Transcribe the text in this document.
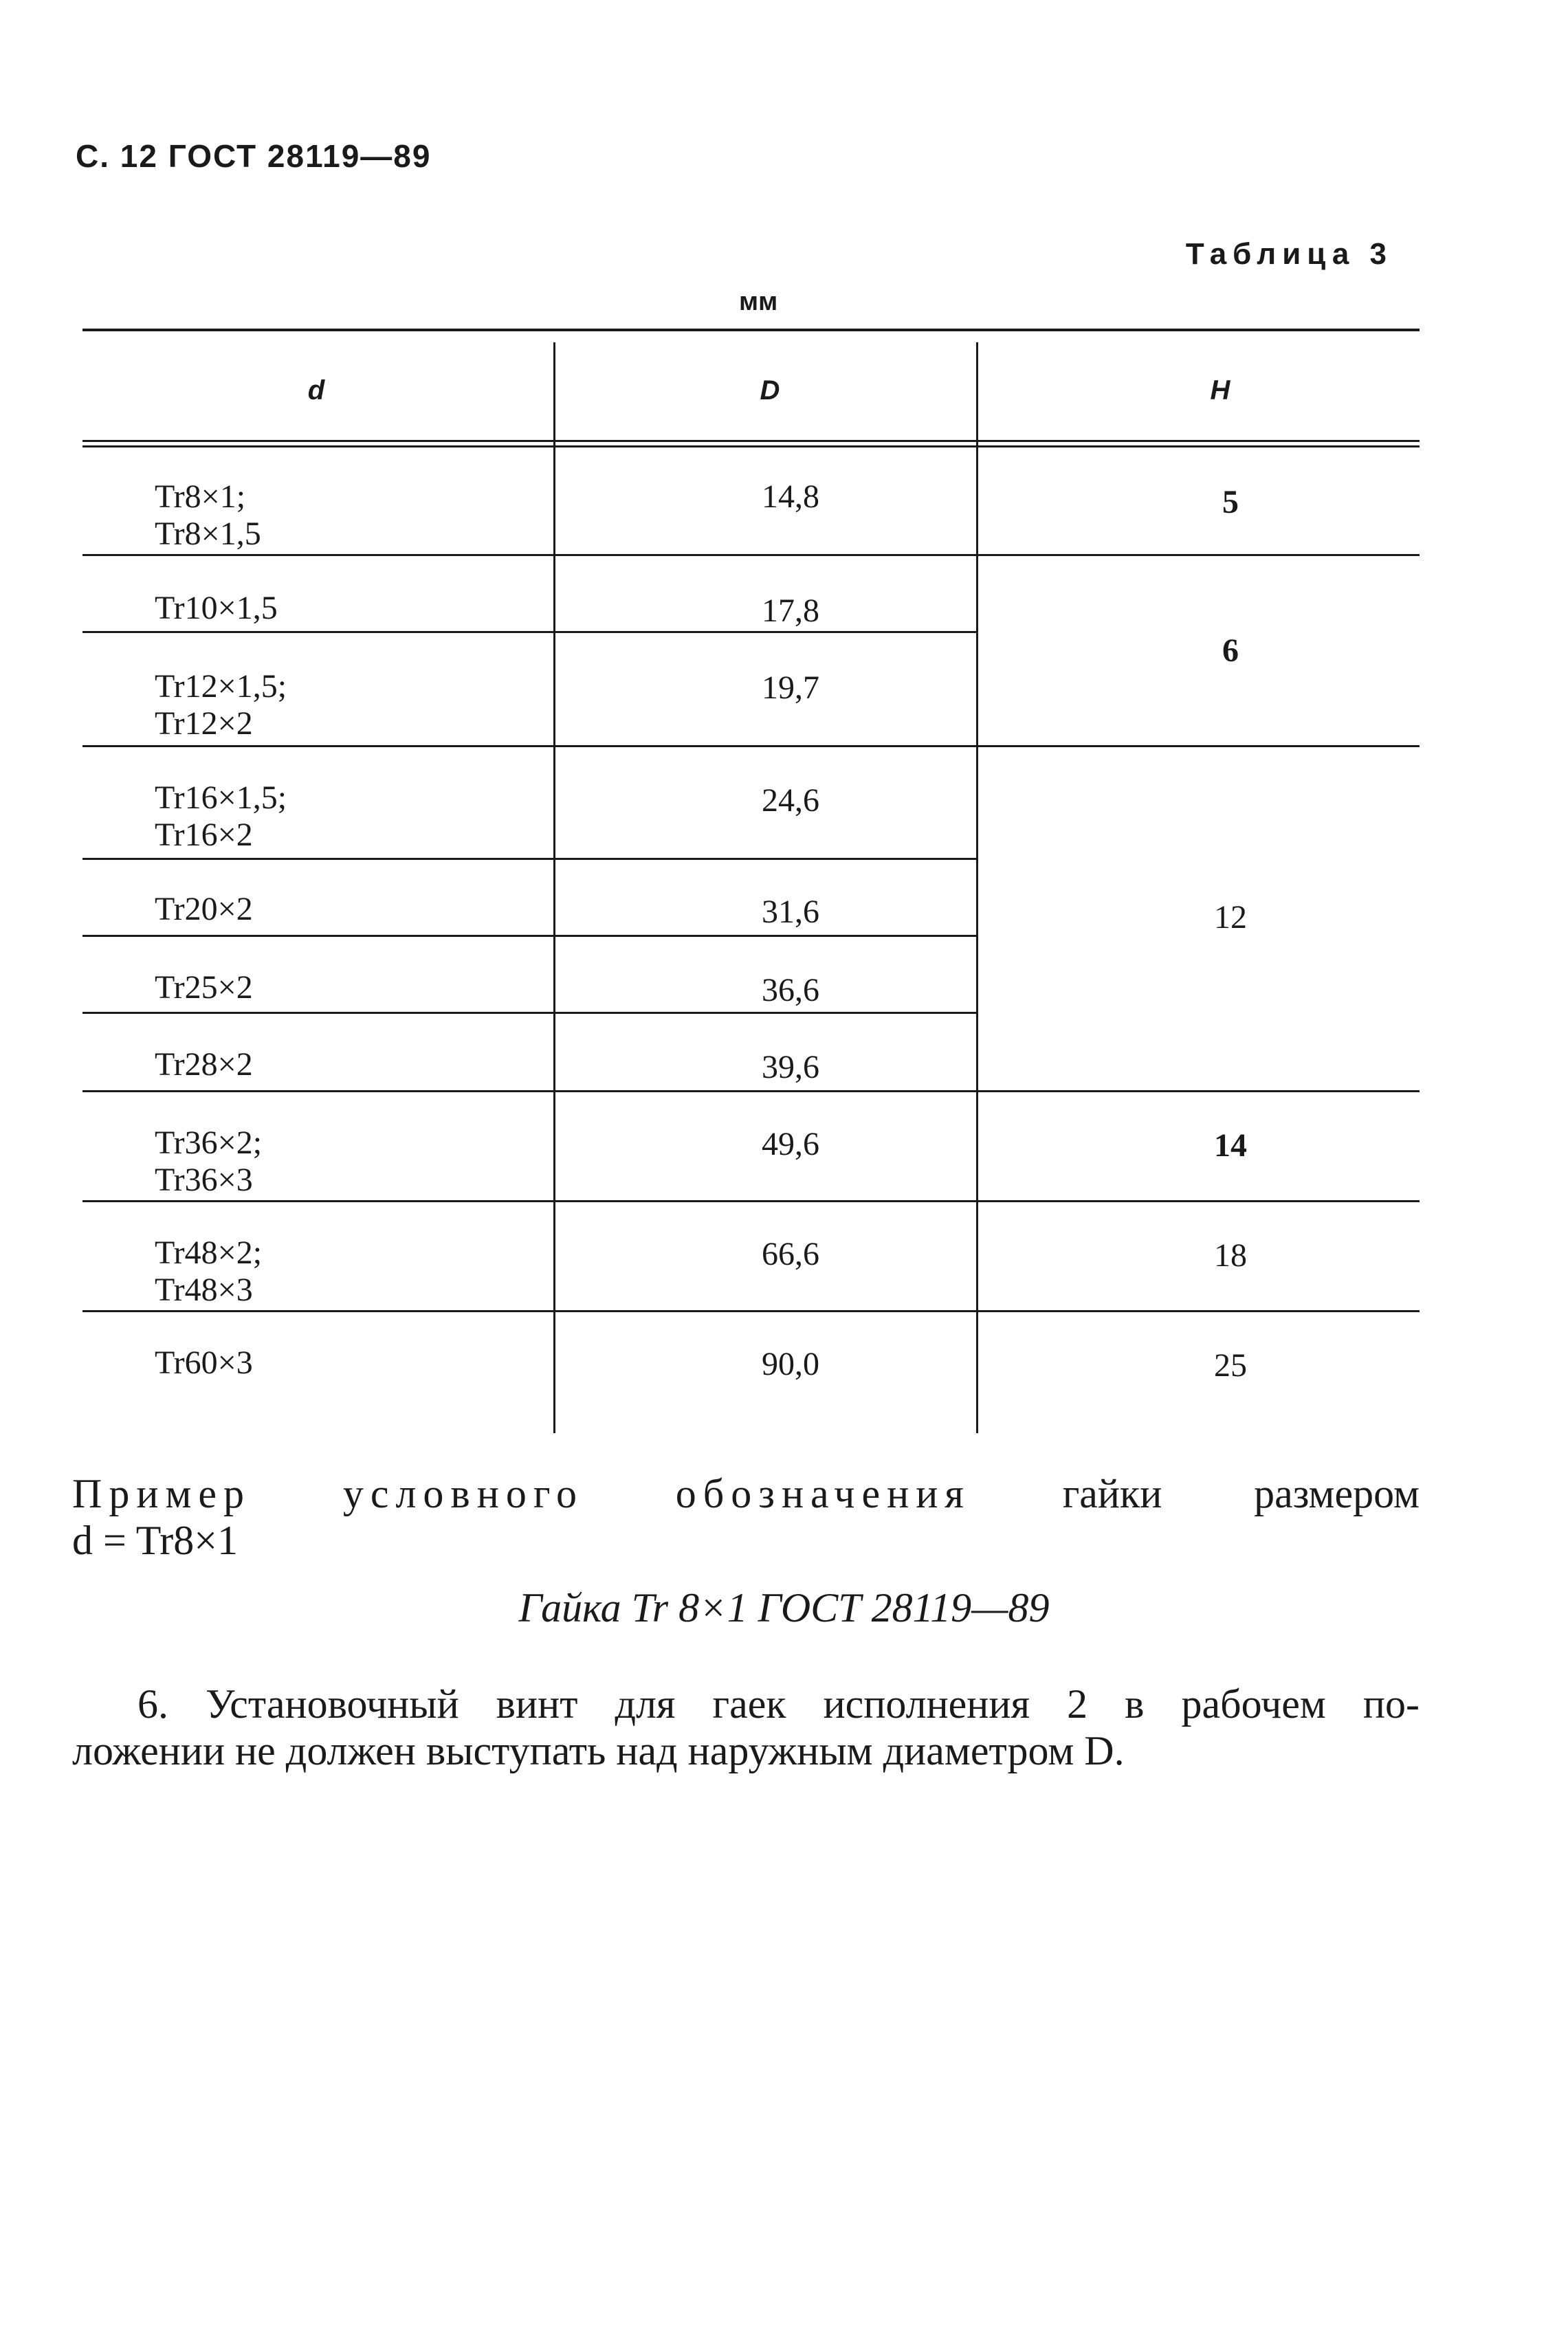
С. 12 ГОСТ 28119—89
Таблица 3
мм
d	D	H
Tr8×1;
Tr8×1,5
Tr10×1,5
Tr12×1,5;
Tr12×2
Tr16×1,5;
Tr16×2
Tr20×2
Tr25×2
Tr28×2
Tr36×2;
Tr36×3
Tr48×2;
Tr48×3
Tr60×3
14,8
17,8
19,7
24,6
31,6
36,6
39,6
49,6
66,6
90,0
5
6
12
14
18
25
Пример условного обозначения гайки размером
d = Tr8×1
Гайка Tr 8×1 ГОСТ 28119—89
6. Установочный винт для гаек исполнения 2 в рабочем по-
ложении не должен выступать над наружным диаметром D.
